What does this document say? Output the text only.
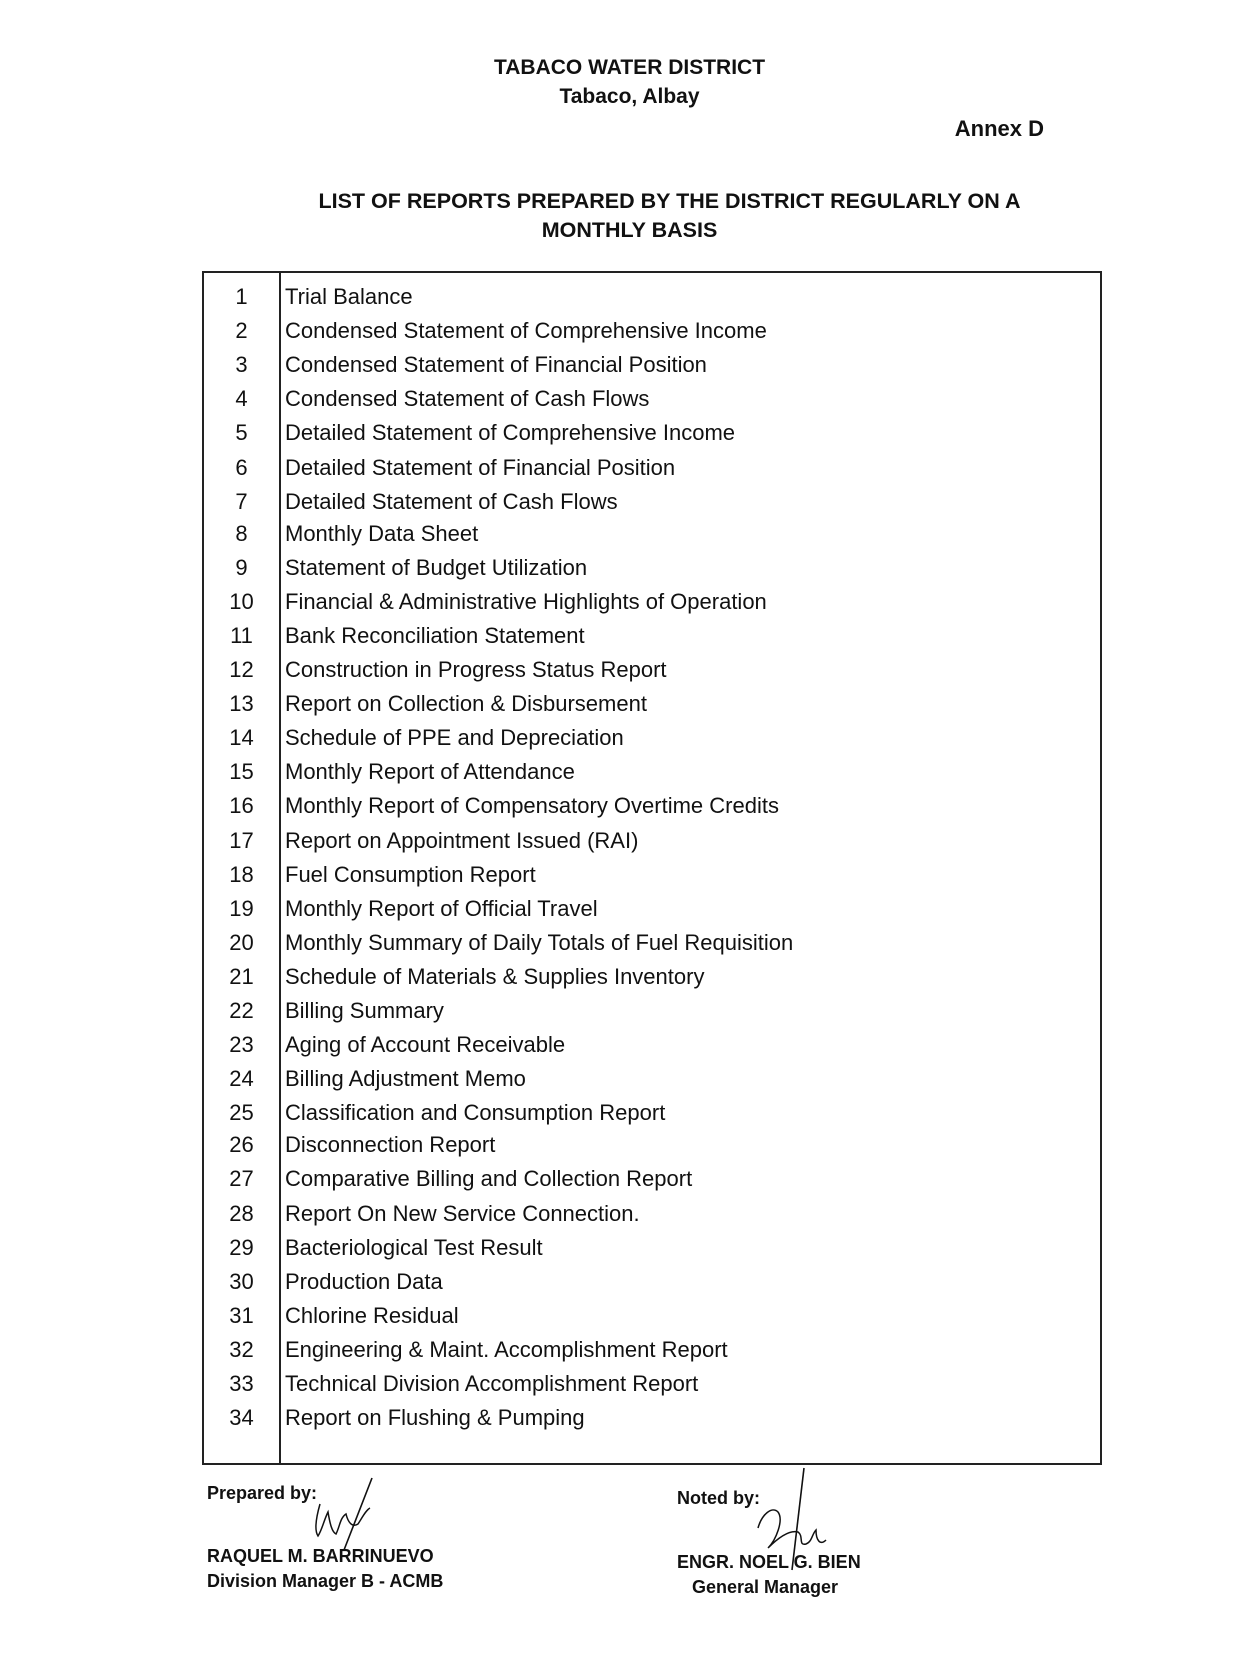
TABACO WATER DISTRICT
Tabaco, Albay
Annex D
LIST OF REPORTS PREPARED BY THE DISTRICT REGULARLY ON A
MONTHLY BASIS
1	Trial Balance
2	Condensed Statement of Comprehensive Income
3	Condensed Statement of Financial Position
4	Condensed Statement of Cash Flows
5	Detailed Statement of Comprehensive Income
6	Detailed Statement of Financial Position
7	Detailed Statement of Cash Flows
8	Monthly Data Sheet
9	Statement of Budget Utilization
10	Financial & Administrative Highlights of Operation
11	Bank Reconciliation Statement
12	Construction in Progress Status Report
13	Report on Collection & Disbursement
14	Schedule of PPE and Depreciation
15	Monthly Report of Attendance
16	Monthly Report of Compensatory Overtime Credits
17	Report on Appointment Issued (RAI)
18	Fuel Consumption Report
19	Monthly Report of Official Travel
20	Monthly Summary of Daily Totals of Fuel Requisition
21	Schedule of Materials & Supplies Inventory
22	Billing Summary
23	Aging of Account Receivable
24	Billing Adjustment Memo
25	Classification and Consumption Report
26	Disconnection Report
27	Comparative Billing and Collection Report
28	Report On New Service Connection.
29	Bacteriological Test Result
30	Production Data
31	Chlorine Residual
32	Engineering & Maint. Accomplishment Report
33	Technical Division Accomplishment Report
34	Report on Flushing & Pumping
Prepared by:
RAQUEL M. BARRINUEVO
Division Manager B - ACMB
Noted by:
ENGR. NOEL G. BIEN
General Manager
